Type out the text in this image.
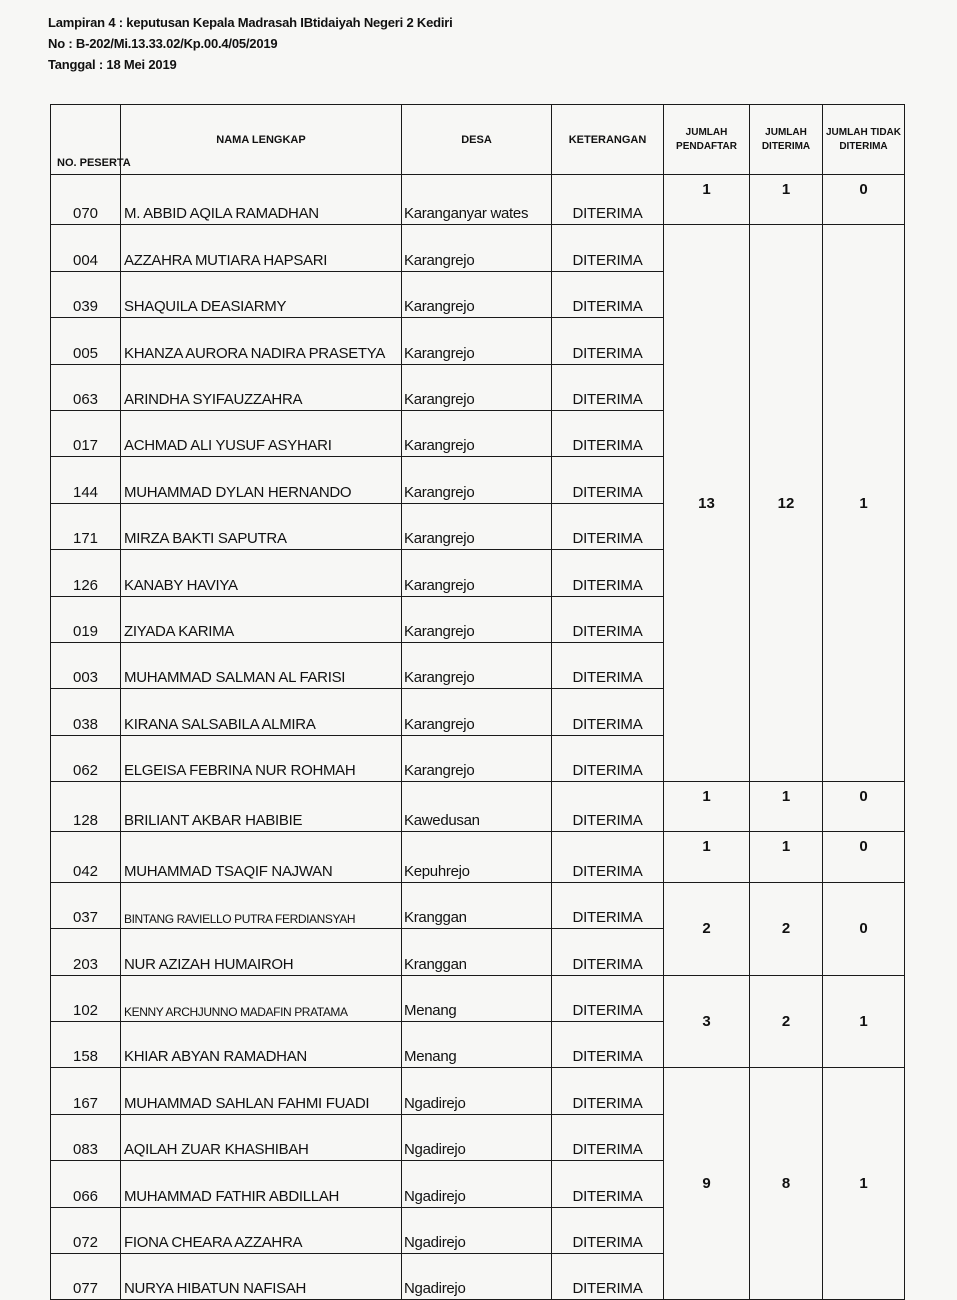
Lampiran 4 : keputusan Kepala Madrasah IBtidaiyah Negeri 2 Kediri
No : B-202/Mi.13.33.02/Kp.00.4/05/2019
Tanggal : 18 Mei 2019
NO. PESERTA	NAMA LENGKAP	DESA	KETERANGAN	JUMLAH PENDAFTAR	JUMLAH DITERIMA	JUMLAH TIDAK DITERIMA
070	M. ABBID AQILA RAMADHAN	Karanganyar wates	DITERIMA	1	1	0
004	AZZAHRA MUTIARA HAPSARI	Karangrejo	DITERIMA	13	12	1
039	SHAQUILA DEASIARMY	Karangrejo	DITERIMA			
005	KHANZA AURORA NADIRA PRASETYA	Karangrejo	DITERIMA			
063	ARINDHA SYIFAUZZAHRA	Karangrejo	DITERIMA			
017	ACHMAD ALI YUSUF ASYHARI	Karangrejo	DITERIMA			
144	MUHAMMAD DYLAN HERNANDO	Karangrejo	DITERIMA			
171	MIRZA BAKTI SAPUTRA	Karangrejo	DITERIMA			
126	KANABY HAVIYA	Karangrejo	DITERIMA			
019	ZIYADA KARIMA	Karangrejo	DITERIMA			
003	MUHAMMAD SALMAN AL FARISI	Karangrejo	DITERIMA			
038	KIRANA SALSABILA ALMIRA	Karangrejo	DITERIMA			
062	ELGEISA FEBRINA NUR ROHMAH	Karangrejo	DITERIMA			
128	BRILIANT AKBAR HABIBIE	Kawedusan	DITERIMA	1	1	0
042	MUHAMMAD TSAQIF NAJWAN	Kepuhrejo	DITERIMA	1	1	0
037	BINTANG RAVIELLO PUTRA FERDIANSYAH	Kranggan	DITERIMA	2	2	0
203	NUR AZIZAH HUMAIROH	Kranggan	DITERIMA			
102	KENNY ARCHJUNNO MADAFIN PRATAMA	Menang	DITERIMA	3	2	1
158	KHIAR ABYAN RAMADHAN	Menang	DITERIMA			
167	MUHAMMAD SAHLAN FAHMI FUADI	Ngadirejo	DITERIMA	9	8	1
083	AQILAH ZUAR KHASHIBAH	Ngadirejo	DITERIMA			
066	MUHAMMAD FATHIR ABDILLAH	Ngadirejo	DITERIMA			
072	FIONA CHEARA AZZAHRA	Ngadirejo	DITERIMA			
077	NURYA HIBATUN NAFISAH	Ngadirejo	DITERIMA			
